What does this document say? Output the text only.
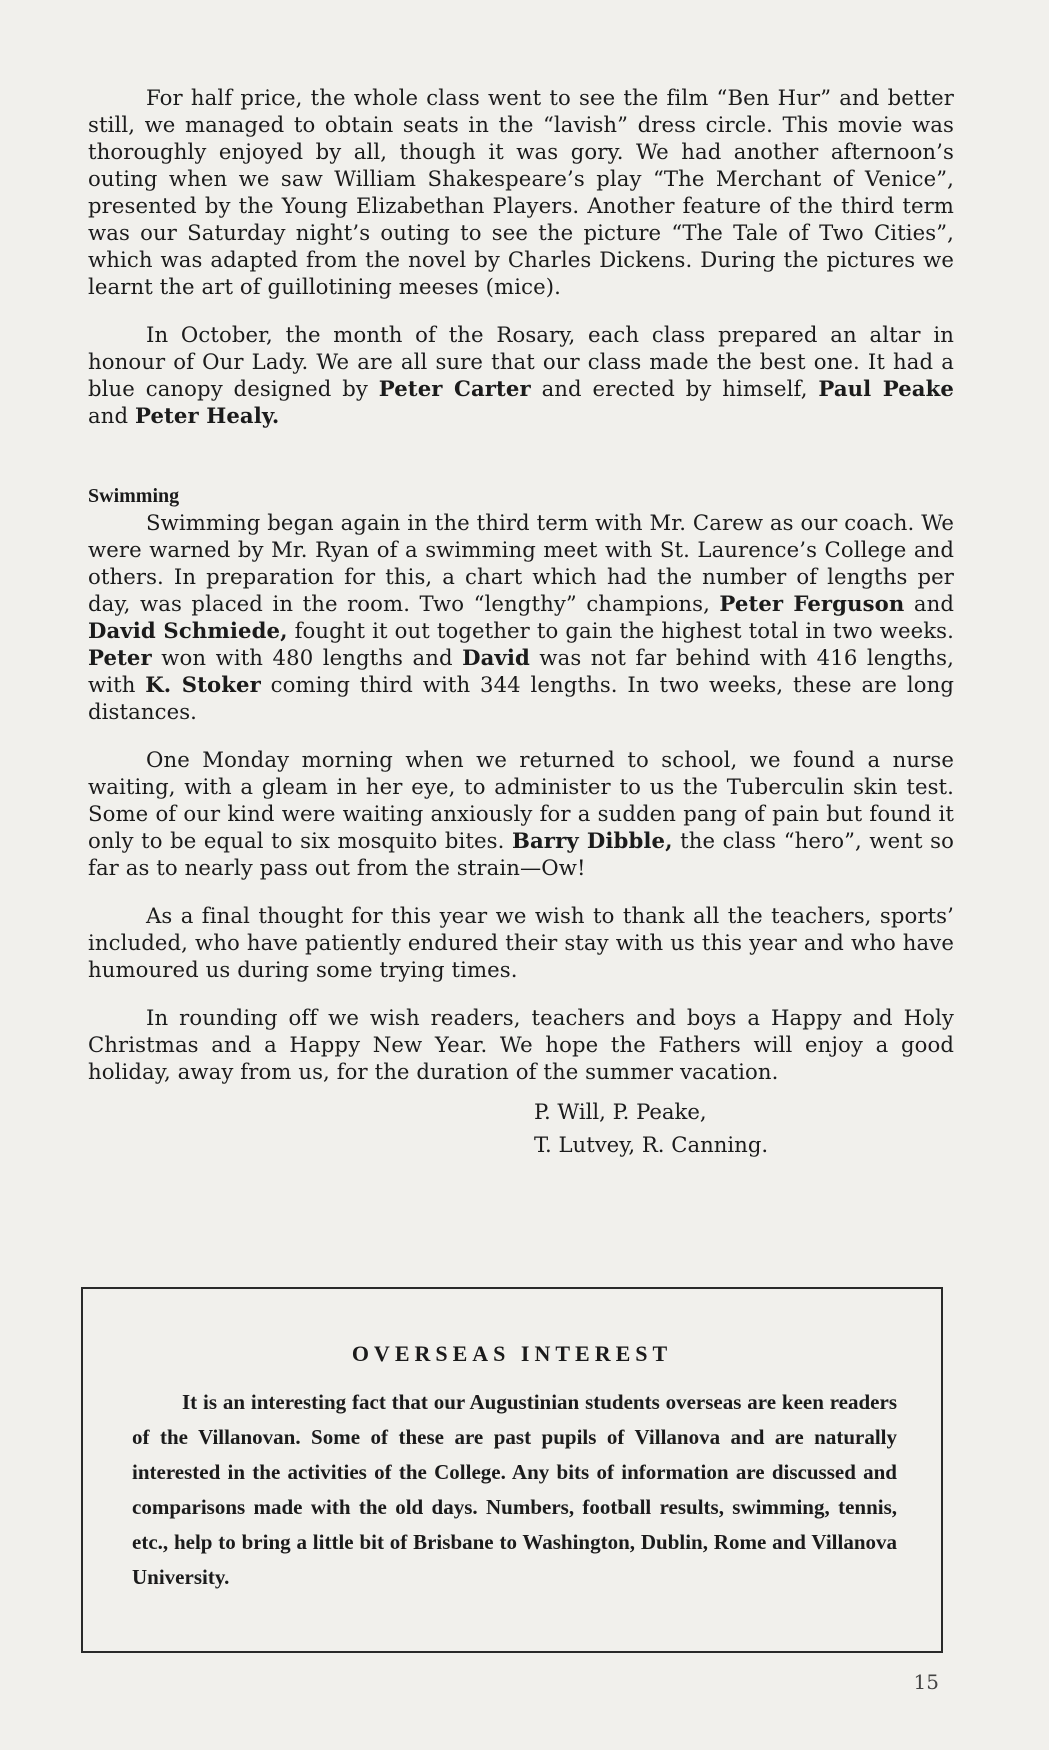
For half price, the whole class went to see the film “Ben Hur” and better still, we managed to obtain seats in the “lavish” dress circle. This movie was thoroughly enjoyed by all, though it was gory. We had another afternoon’s outing when we saw William Shakespeare’s play “The Merchant of Venice”, presented by the Young Elizabethan Players. Another feature of the third term was our Saturday night’s outing to see the picture “The Tale of Two Cities”, which was adapted from the novel by Charles Dickens. During the pictures we learnt the art of guillotining meeses (mice).

In October, the month of the Rosary, each class prepared an altar in honour of Our Lady. We are all sure that our class made the best one. It had a blue canopy designed by Peter Carter and erected by himself, Paul Peake and Peter Healy.

Swimming

Swimming began again in the third term with Mr. Carew as our coach. We were warned by Mr. Ryan of a swimming meet with St. Laurence’s College and others. In preparation for this, a chart which had the number of lengths per day, was placed in the room. Two “lengthy” champions, Peter Ferguson and David Schmiede, fought it out together to gain the highest total in two weeks. Peter won with 480 lengths and David was not far behind with 416 lengths, with K. Stoker coming third with 344 lengths. In two weeks, these are long distances.

One Monday morning when we returned to school, we found a nurse waiting, with a gleam in her eye, to administer to us the Tuberculin skin test. Some of our kind were waiting anxiously for a sudden pang of pain but found it only to be equal to six mosquito bites. Barry Dibble, the class “hero”, went so far as to nearly pass out from the strain—Ow!

As a final thought for this year we wish to thank all the teachers, sports’ included, who have patiently endured their stay with us this year and who have humoured us during some trying times.

In rounding off we wish readers, teachers and boys a Happy and Holy Christmas and a Happy New Year. We hope the Fathers will enjoy a good holiday, away from us, for the duration of the summer vacation.

P. Will, P. Peake,
T. Lutvey, R. Canning.
OVERSEAS INTEREST
It is an interesting fact that our Augustinian students overseas are keen readers of the Villanovan. Some of these are past pupils of Villanova and are naturally interested in the activities of the College. Any bits of information are discussed and comparisons made with the old days. Numbers, football results, swimming, tennis, etc., help to bring a little bit of Brisbane to Washington, Dublin, Rome and Villanova University.
15
